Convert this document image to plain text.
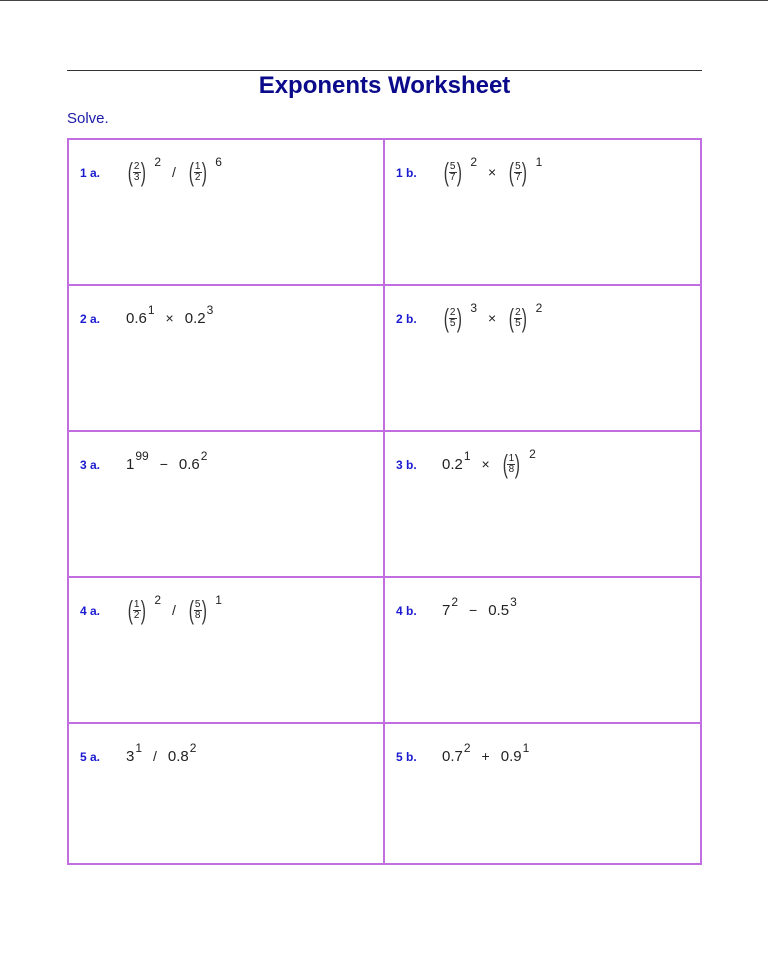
Exponents Worksheet
Solve.
1 a. ( $\frac{2}{3}$ ) 2
/ ( $\frac{1}{2}$ ) 6
1 b. ( $\frac{5}{7}$ ) 2
× ( $\frac{5}{7}$ ) 1
2 a. 0.6 1 × 0.2 3
2 b. ( $\frac{2}{5}$ ) 3
× ( $\frac{2}{5}$ ) 2
3 a. 1 99 − 0.6 2
3 b. 0.2 1 × ( $\frac{1}{8}$ ) 2
4 a. ( $\frac{1}{2}$ ) 2
/ ( $\frac{5}{8}$ ) 1
4 b. 7 2 − 0.5 3
5 a. 3 1 / 0.8 2
5 b. 0.7 2 + 0.9 1
